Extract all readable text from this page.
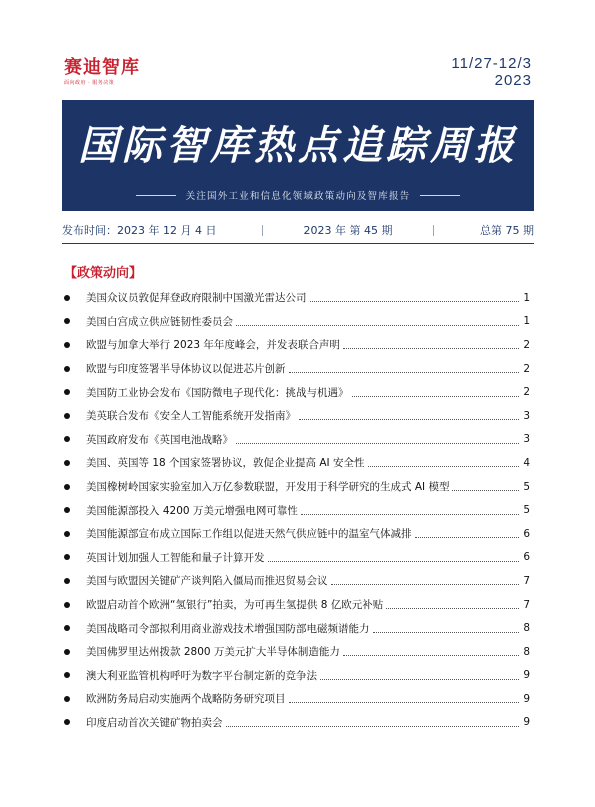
赛迪智库
面向政府 · 服务决策
11/27-12/3
2023
国际智库热点追踪周报
关注国外工业和信息化领域政策动向及智库报告
发布时间：2023 年 12 月 4 日	2023 年 第 45 期	总第 75 期
【政策动向】
美国众议员敦促拜登政府限制中国激光雷达公司	1
美国白宫成立供应链韧性委员会	1
欧盟与加拿大举行 2023 年年度峰会，并发表联合声明	2
欧盟与印度签署半导体协议以促进芯片创新	2
美国防工业协会发布《国防微电子现代化：挑战与机遇》	2
美英联合发布《安全人工智能系统开发指南》	3
英国政府发布《英国电池战略》	3
美国、英国等 18 个国家签署协议，敦促企业提高 AI 安全性	4
美国橡树岭国家实验室加入万亿参数联盟，开发用于科学研究的生成式 AI 模型	5
美国能源部投入 4200 万美元增强电网可靠性	5
美国能源部宣布成立国际工作组以促进天然气供应链中的温室气体减排	6
英国计划加强人工智能和量子计算开发	6
美国与欧盟因关键矿产谈判陷入僵局而推迟贸易会议	7
欧盟启动首个欧洲“氢银行”拍卖，为可再生氢提供 8 亿欧元补贴	7
美国战略司令部拟利用商业游戏技术增强国防部电磁频谱能力	8
美国佛罗里达州拨款 2800 万美元扩大半导体制造能力	8
澳大利亚监管机构呼吁为数字平台制定新的竞争法	9
欧洲防务局启动实施两个战略防务研究项目	9
印度启动首次关键矿物拍卖会	9
